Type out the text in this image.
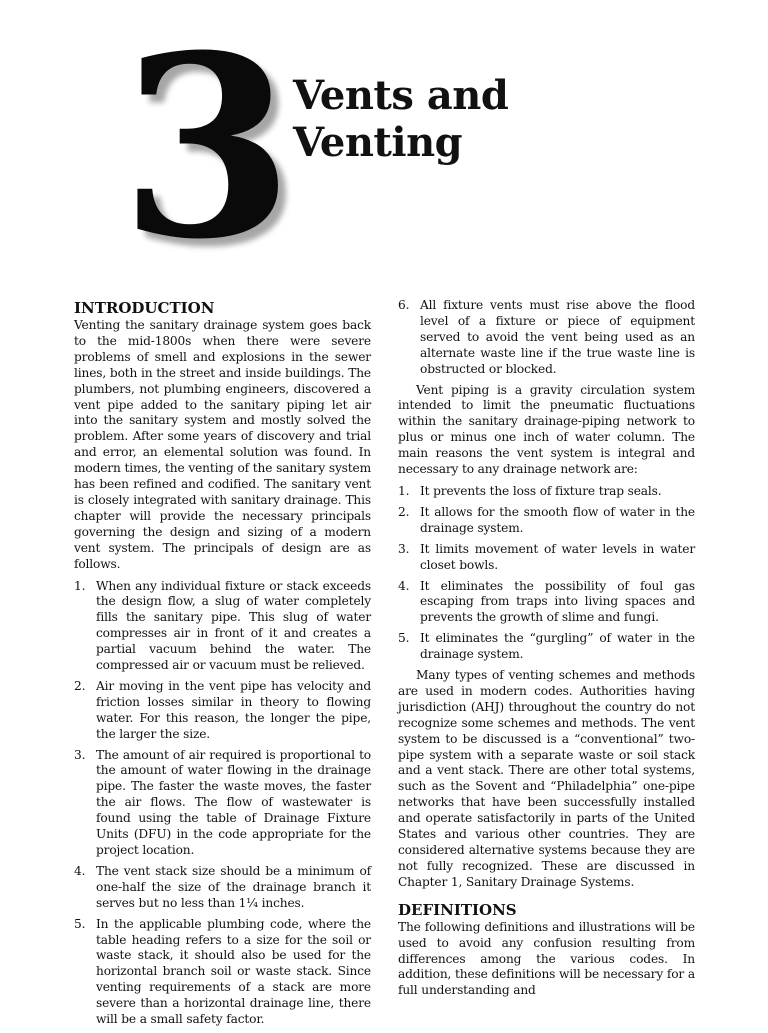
3 Vents and
Venting
INTRODUCTION

Venting the sanitary drainage system goes back to the mid-1800s when there were severe problems of smell and explosions in the sewer lines, both in the street and inside buildings. The plumbers, not plumbing engineers, discovered a vent pipe added to the sanitary piping let air into the sanitary system and mostly solved the problem. After some years of discovery and trial and error, an elemental solution was found. In modern times, the venting of the sanitary system has been refined and codified. The sanitary vent is closely integrated with sanitary drainage. This chapter will provide the necessary principals governing the design and sizing of a modern vent system. The principals of design are as follows.

1. When any individual fixture or stack exceeds the design flow, a slug of water completely fills the sanitary pipe. This slug of water compresses air in front of it and creates a partial vacuum behind the water. The compressed air or vacuum must be relieved.
2. Air moving in the vent pipe has velocity and friction losses similar in theory to flowing water. For this reason, the longer the pipe, the larger the size.
3. The amount of air required is proportional to the amount of water flowing in the drainage pipe. The faster the waste moves, the faster the air flows. The flow of wastewater is found using the table of Drainage Fixture Units (DFU) in the code appropriate for the project location.
4. The vent stack size should be a minimum of one-half the size of the drainage branch it serves but no less than 1¼ inches.
5. In the applicable plumbing code, where the table heading refers to a size for the soil or waste stack, it should also be used for the horizontal branch soil or waste stack. Since venting requirements of a stack are more severe than a horizontal drainage line, there will be a small safety factor.
6. All fixture vents must rise above the flood level of a fixture or piece of equipment served to avoid the vent being used as an alternate waste line if the true waste line is obstructed or blocked.

Vent piping is a gravity circulation system intended to limit the pneumatic fluctuations within the sanitary drainage-piping network to plus or minus one inch of water column. The main reasons the vent system is integral and necessary to any drainage network are:

1. It prevents the loss of fixture trap seals.
2. It allows for the smooth flow of water in the drainage system.
3. It limits movement of water levels in water closet bowls.
4. It eliminates the possibility of foul gas escaping from traps into living spaces and prevents the growth of slime and fungi.
5. It eliminates the “gurgling” of water in the drainage system.

Many types of venting schemes and methods are used in modern codes. Authorities having jurisdiction (AHJ) throughout the country do not recognize some schemes and methods. The vent system to be discussed is a “conventional” two-pipe system with a separate waste or soil stack and a vent stack. There are other total systems, such as the Sovent and “Philadelphia” one-pipe networks that have been successfully installed and operate satisfactorily in parts of the United States and various other countries. They are considered alternative systems because they are not fully recognized. These are discussed in Chapter 1, Sanitary Drainage Systems.

DEFINITIONS

The following definitions and illustrations will be used to avoid any confusion resulting from differences among the various codes. In addition, these definitions will be necessary for a full understanding and
